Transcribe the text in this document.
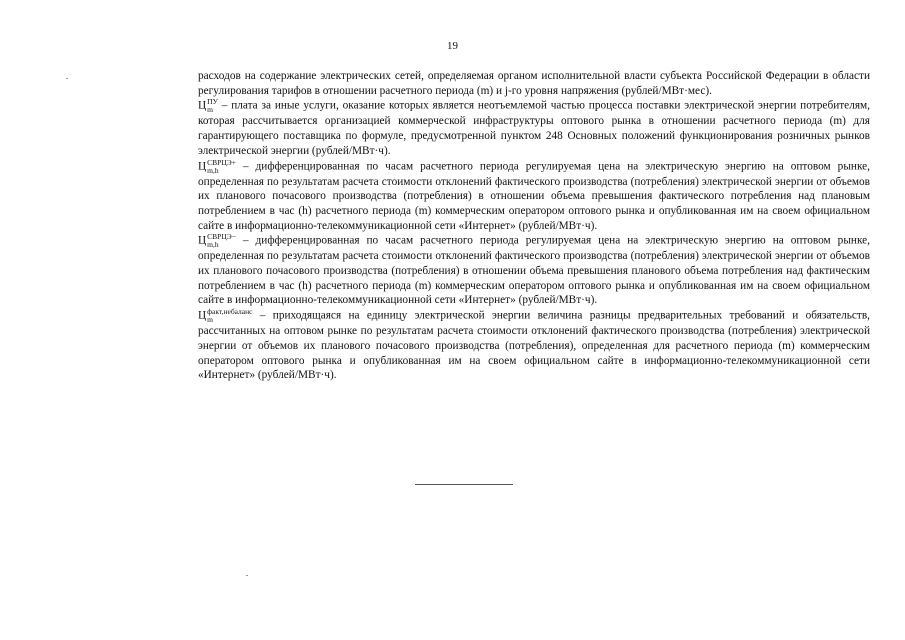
19

расходов на содержание электрических сетей, определяемая органом исполнительной власти субъекта Российской Федерации в области регулирования тарифов в отношении расчетного периода (m) и j-го уровня напряжения (рублей/МВт·мес).

Ц ПУ
m – плата за иные услуги, оказание которых является неотъемлемой частью процесса поставки электрической энергии потребителям, которая рассчитывается организацией коммерческой инфраструктуры оптового рынка в отношении расчетного периода (m) для гарантирующего поставщика по формуле, предусмотренной пунктом 248 Основных положений функционирования розничных рынков электрической энергии (рублей/МВт·ч).

Ц СВРЦЭ+
m,h	– дифференцированная по часам расчетного периода регулируемая цена на электрическую энергию на оптовом рынке, определенная по результатам расчета стоимости отклонений фактического производства (потребления) электрической энергии от объемов их планового почасового производства (потребления) в отношении объема превышения фактического потребления над плановым потреблением в час (h) расчетного периода (m) коммерческим оператором оптового рынка и опубликованная им на своем официальном сайте в информационно-телекоммуникационной сети «Интернет» (рублей/МВт·ч).

Ц СВРЦЭ−
m,h	– дифференцированная по часам расчетного периода регулируемая цена на электрическую энергию на оптовом рынке, определенная по результатам расчета стоимости отклонений фактического производства (потребления) электрической энергии от объемов их планового почасового производства (потребления) в отношении объема превышения планового объема потребления над фактическим потреблением в час (h) расчетного периода (m) коммерческим оператором оптового рынка и опубликованная им на своем официальном сайте в информационно-телекоммуникационной сети «Интернет» (рублей/МВт·ч).

Ц факт,небаланс
m	– приходящаяся на единицу электрической энергии величина разницы предварительных требований и обязательств, рассчитанных на оптовом рынке по результатам расчета стоимости отклонений фактического производства (потребления) электрической энергии от объемов их планового почасового производства (потребления), определенная для расчетного периода (m) коммерческим оператором оптового рынка и опубликованная им на своем официальном сайте в информационно-телекоммуникационной сети «Интернет» (рублей/МВт·ч).
